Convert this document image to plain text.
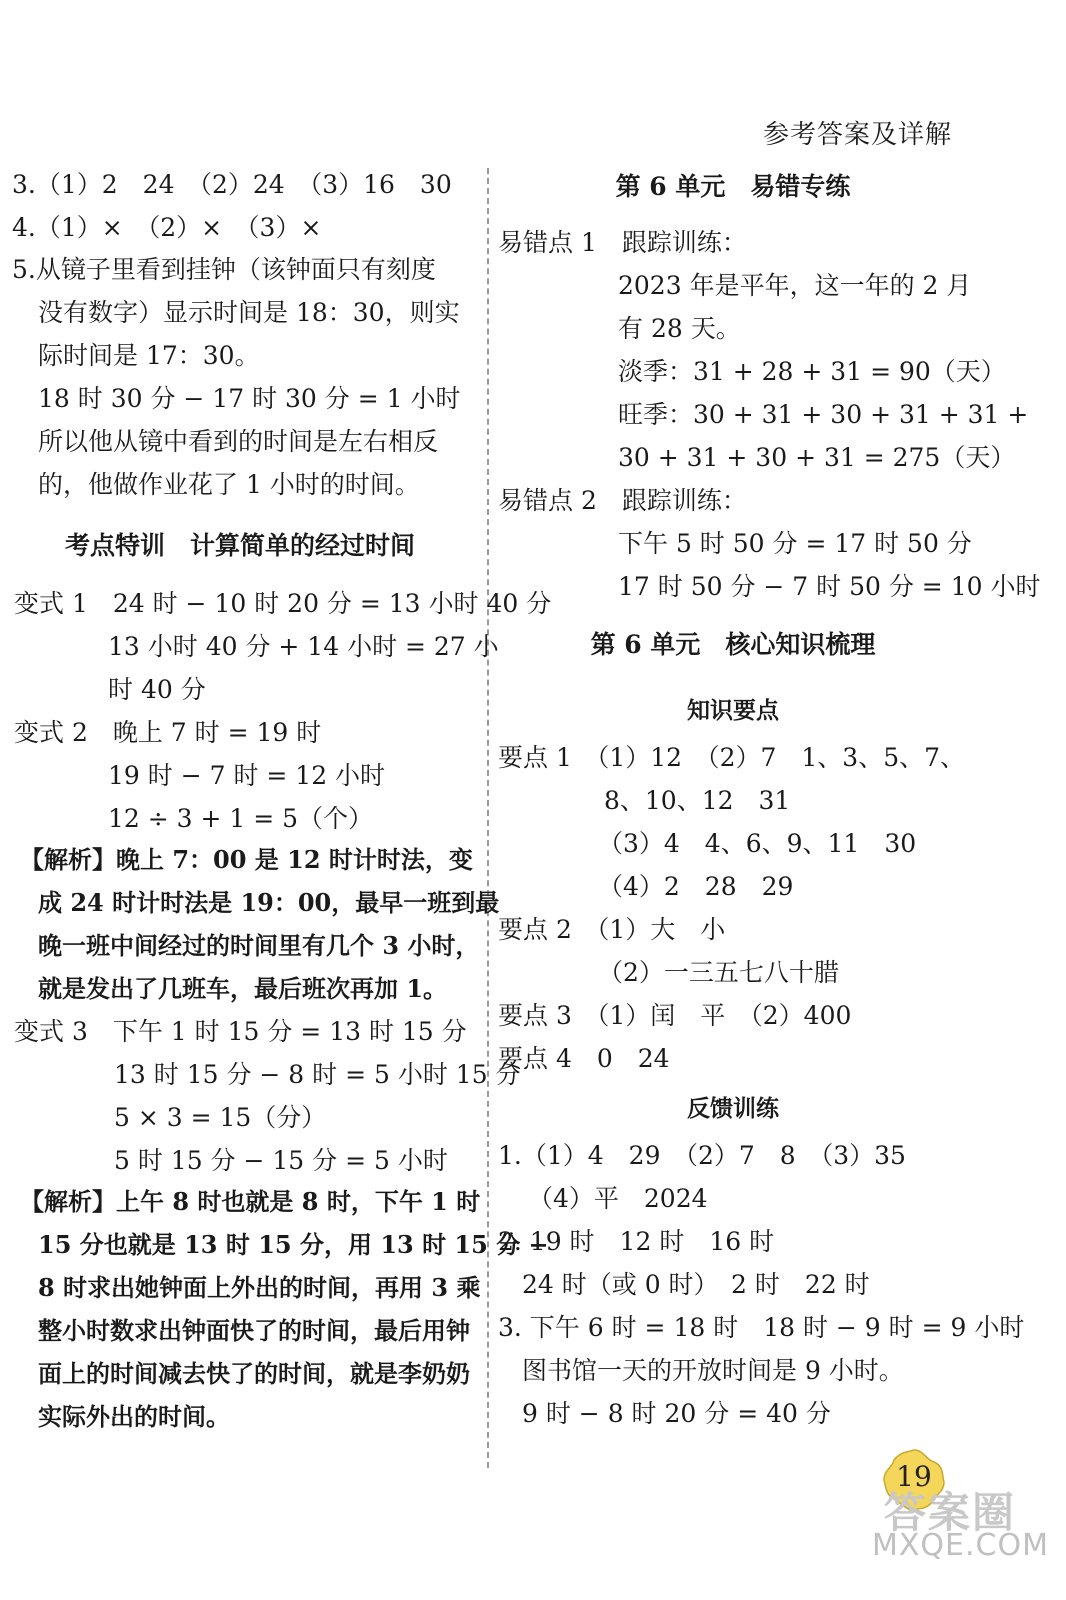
参考答案及详解
3.（1）2　24　（2）24　（3）16　30
4.（1）×　（2）×　（3）×
5.从镜子里看到挂钟（该钟面只有刻度
没有数字）显示时间是 18：30，则实
际时间是 17：30。
18 时 30 分 − 17 时 30 分 = 1 小时
所以他从镜中看到的时间是左右相反
的，他做作业花了 1 小时的时间。
考点特训　计算简单的经过时间
变式 1　24 时 − 10 时 20 分 = 13 小时 40 分
13 小时 40 分 + 14 小时 = 27 小
时 40 分
变式 2　晚上 7 时 = 19 时
19 时 − 7 时 = 12 小时
12 ÷ 3 + 1 = 5（个）
【解析】晚上 7：00 是 12 时计时法，变
成 24 时计时法是 19：00，最早一班到最
晚一班中间经过的时间里有几个 3 小时，
就是发出了几班车，最后班次再加 1。
变式 3　下午 1 时 15 分 = 13 时 15 分
13 时 15 分 − 8 时 = 5 小时 15 分
5 × 3 = 15（分）
5 时 15 分 − 15 分 = 5 小时
【解析】上午 8 时也就是 8 时，下午 1 时
15 分也就是 13 时 15 分，用 13 时 15 分 −
8 时求出她钟面上外出的时间，再用 3 乘
整小时数求出钟面快了的时间，最后用钟
面上的时间减去快了的时间，就是李奶奶
实际外出的时间。
第 6 单元　易错专练
易错点 1　跟踪训练：
2023 年是平年，这一年的 2 月
有 28 天。
淡季：31 + 28 + 31 = 90（天）
旺季：30 + 31 + 30 + 31 + 31 +
30 + 31 + 30 + 31 = 275（天）
易错点 2　跟踪训练：
下午 5 时 50 分 = 17 时 50 分
17 时 50 分 − 7 时 50 分 = 10 小时
第 6 单元　核心知识梳理
知识要点
要点 1　（1）12　（2）7　1、3、5、7、
8、10、12　31
（3）4　4、6、9、11　30
（4）2　28　29
要点 2　（1）大　小
（2）一三五七八十腊
要点 3　（1）闰　平　（2）400
要点 4　0　24
反馈训练
1.（1）4　29　（2）7　8　（3）35
（4）平　2024
2. 19 时　12 时　16 时
24 时（或 0 时）　2 时　22 时
3. 下午 6 时 = 18 时　18 时 − 9 时 = 9 小时
图书馆一天的开放时间是 9 小时。
9 时 − 8 时 20 分 = 40 分
19
答案圈
MXQE.COM
